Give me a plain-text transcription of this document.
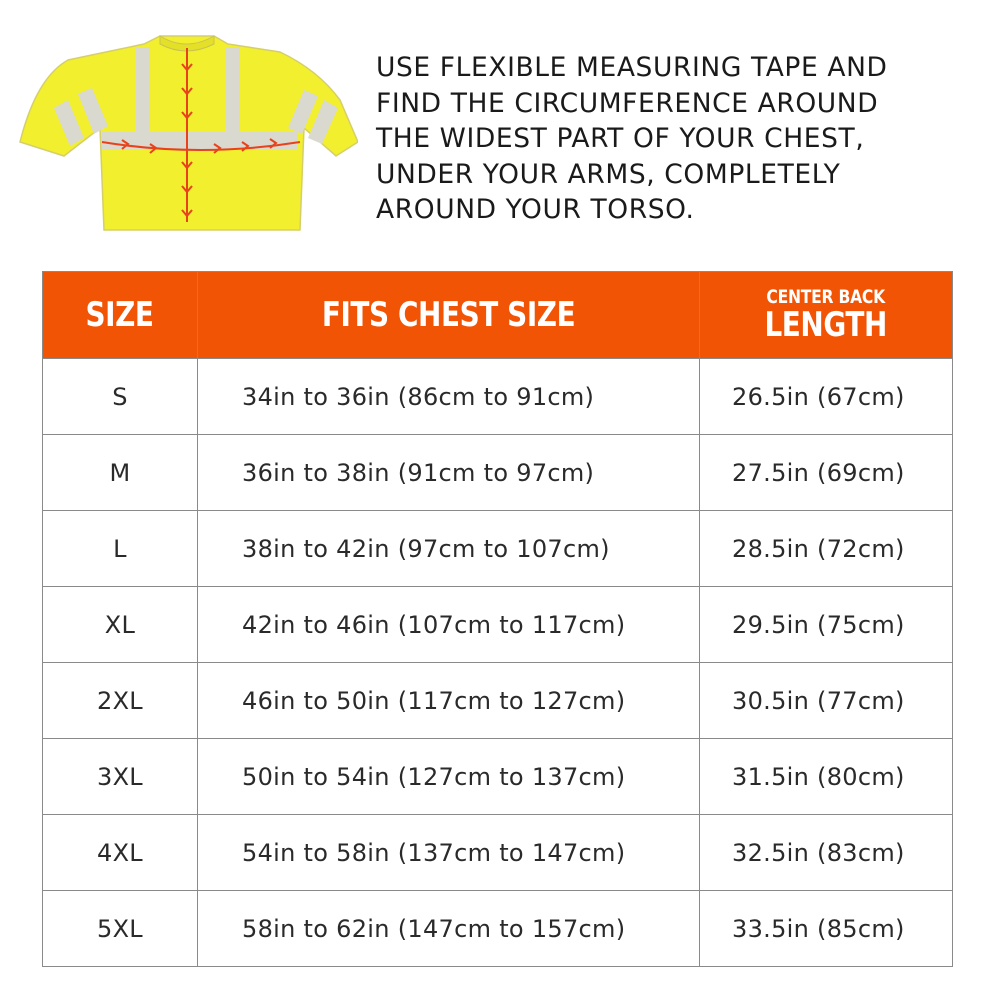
USE FLEXIBLE MEASURING TAPE AND
FIND THE CIRCUMFERENCE AROUND
THE WIDEST PART OF YOUR CHEST,
UNDER YOUR ARMS, COMPLETELY
AROUND YOUR TORSO.
SIZE	FITS CHEST SIZE	CENTER BACK
LENGTH

S	34in to 36in (86cm to 91cm)	26.5in (67cm)
M	36in to 38in (91cm to 97cm)	27.5in (69cm)
L	38in to 42in (97cm to 107cm)	28.5in (72cm)
XL	42in to 46in (107cm to 117cm)	29.5in (75cm)
2XL	46in to 50in (117cm to 127cm)	30.5in (77cm)
3XL	50in to 54in (127cm to 137cm)	31.5in (80cm)
4XL	54in to 58in (137cm to 147cm)	32.5in (83cm)
5XL	58in to 62in (147cm to 157cm)	33.5in (85cm)
